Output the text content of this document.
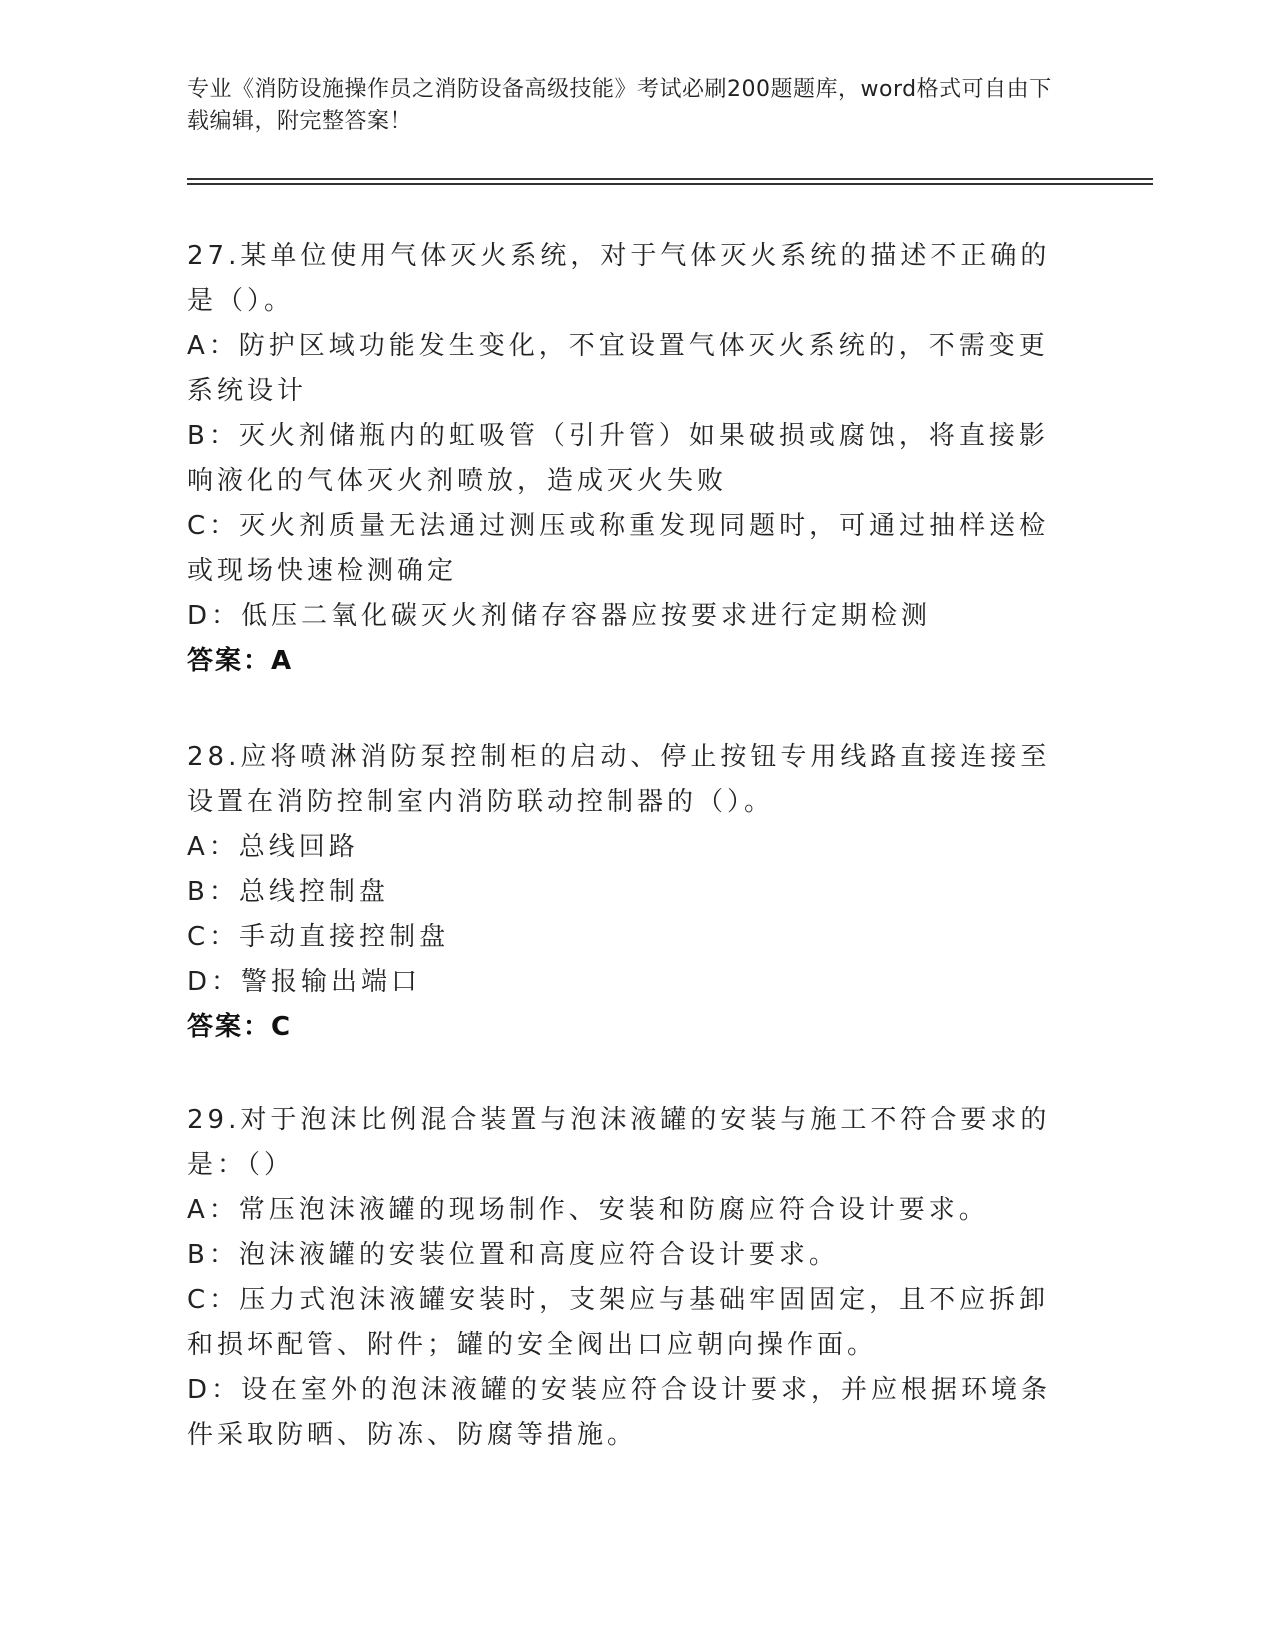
专业《消防设施操作员之消防设备高级技能》考试必刷200题题库，word格式可自由下载编辑，附完整答案！

27.某单位使用气体灭火系统，对于气体灭火系统的描述不正确的是（）。

A：防护区域功能发生变化，不宜设置气体灭火系统的，不需变更系统设计

B：灭火剂储瓶内的虹吸管（引升管）如果破损或腐蚀，将直接影响液化的气体灭火剂喷放，造成灭火失败

C：灭火剂质量无法通过测压或称重发现同题时，可通过抽样送检或现场快速检测确定

D：低压二氧化碳灭火剂储存容器应按要求进行定期检测

答案：A

28.应将喷淋消防泵控制柜的启动、停止按钮专用线路直接连接至设置在消防控制室内消防联动控制器的（）。

A：总线回路

B：总线控制盘

C：手动直接控制盘

D：警报输出端口

答案：C

29.对于泡沫比例混合装置与泡沫液罐的安装与施工不符合要求的是：（）

A：常压泡沫液罐的现场制作、安装和防腐应符合设计要求。

B：泡沫液罐的安装位置和高度应符合设计要求。

C：压力式泡沫液罐安装时，支架应与基础牢固固定，且不应拆卸和损坏配管、附件；罐的安全阀出口应朝向操作面。

D：设在室外的泡沫液罐的安装应符合设计要求，并应根据环境条件采取防晒、防冻、防腐等措施。
